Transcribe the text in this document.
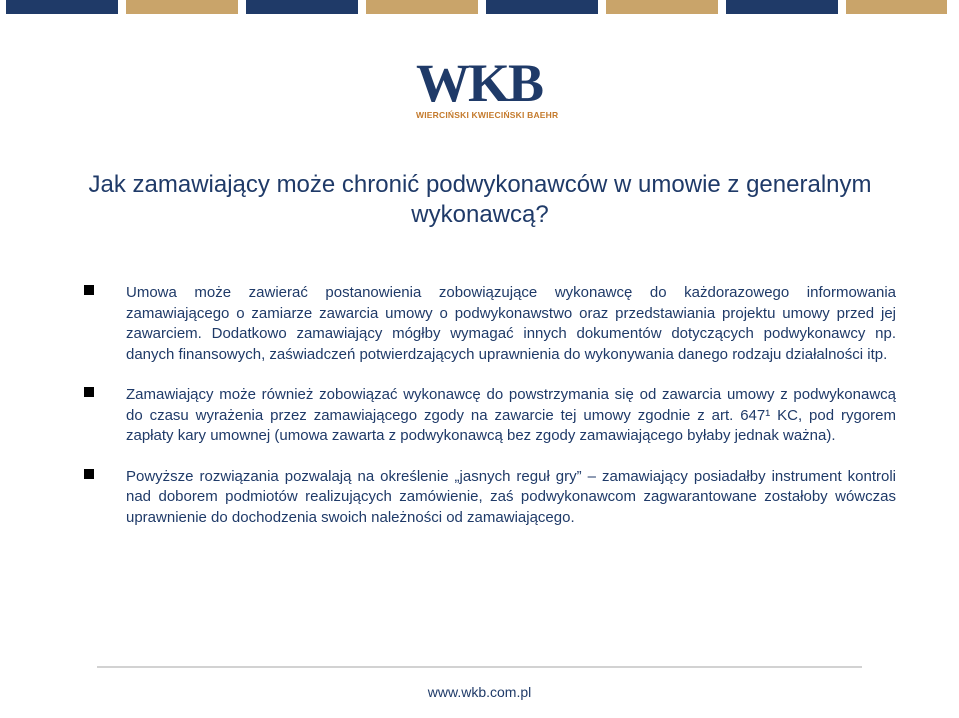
WKB
WIERCIŃSKI KWIECIŃSKI BAEHR
Jak zamawiający może chronić podwykonawców w umowie z generalnym wykonawcą?
Umowa może zawierać postanowienia zobowiązujące wykonawcę do każdorazowego informowania zamawiającego o zamiarze zawarcia umowy o podwykonawstwo oraz przedstawiania projektu umowy przed jej zawarciem. Dodatkowo zamawiający mógłby wymagać innych dokumentów dotyczących podwykonawcy np. danych finansowych, zaświadczeń potwierdzających uprawnienia do wykonywania danego rodzaju działalności itp.
Zamawiający może również zobowiązać wykonawcę do powstrzymania się od zawarcia umowy z podwykonawcą do czasu wyrażenia przez zamawiającego zgody na zawarcie tej umowy zgodnie z art. 647¹ KC, pod rygorem zapłaty kary umownej (umowa zawarta z podwykonawcą bez zgody zamawiającego byłaby jednak ważna).
Powyższe rozwiązania pozwalają na określenie „jasnych reguł gry” – zamawiający posiadałby instrument kontroli nad doborem podmiotów realizujących zamówienie, zaś podwykonawcom zagwarantowane zostałoby wówczas uprawnienie do dochodzenia swoich należności od zamawiającego.
www.wkb.com.pl
